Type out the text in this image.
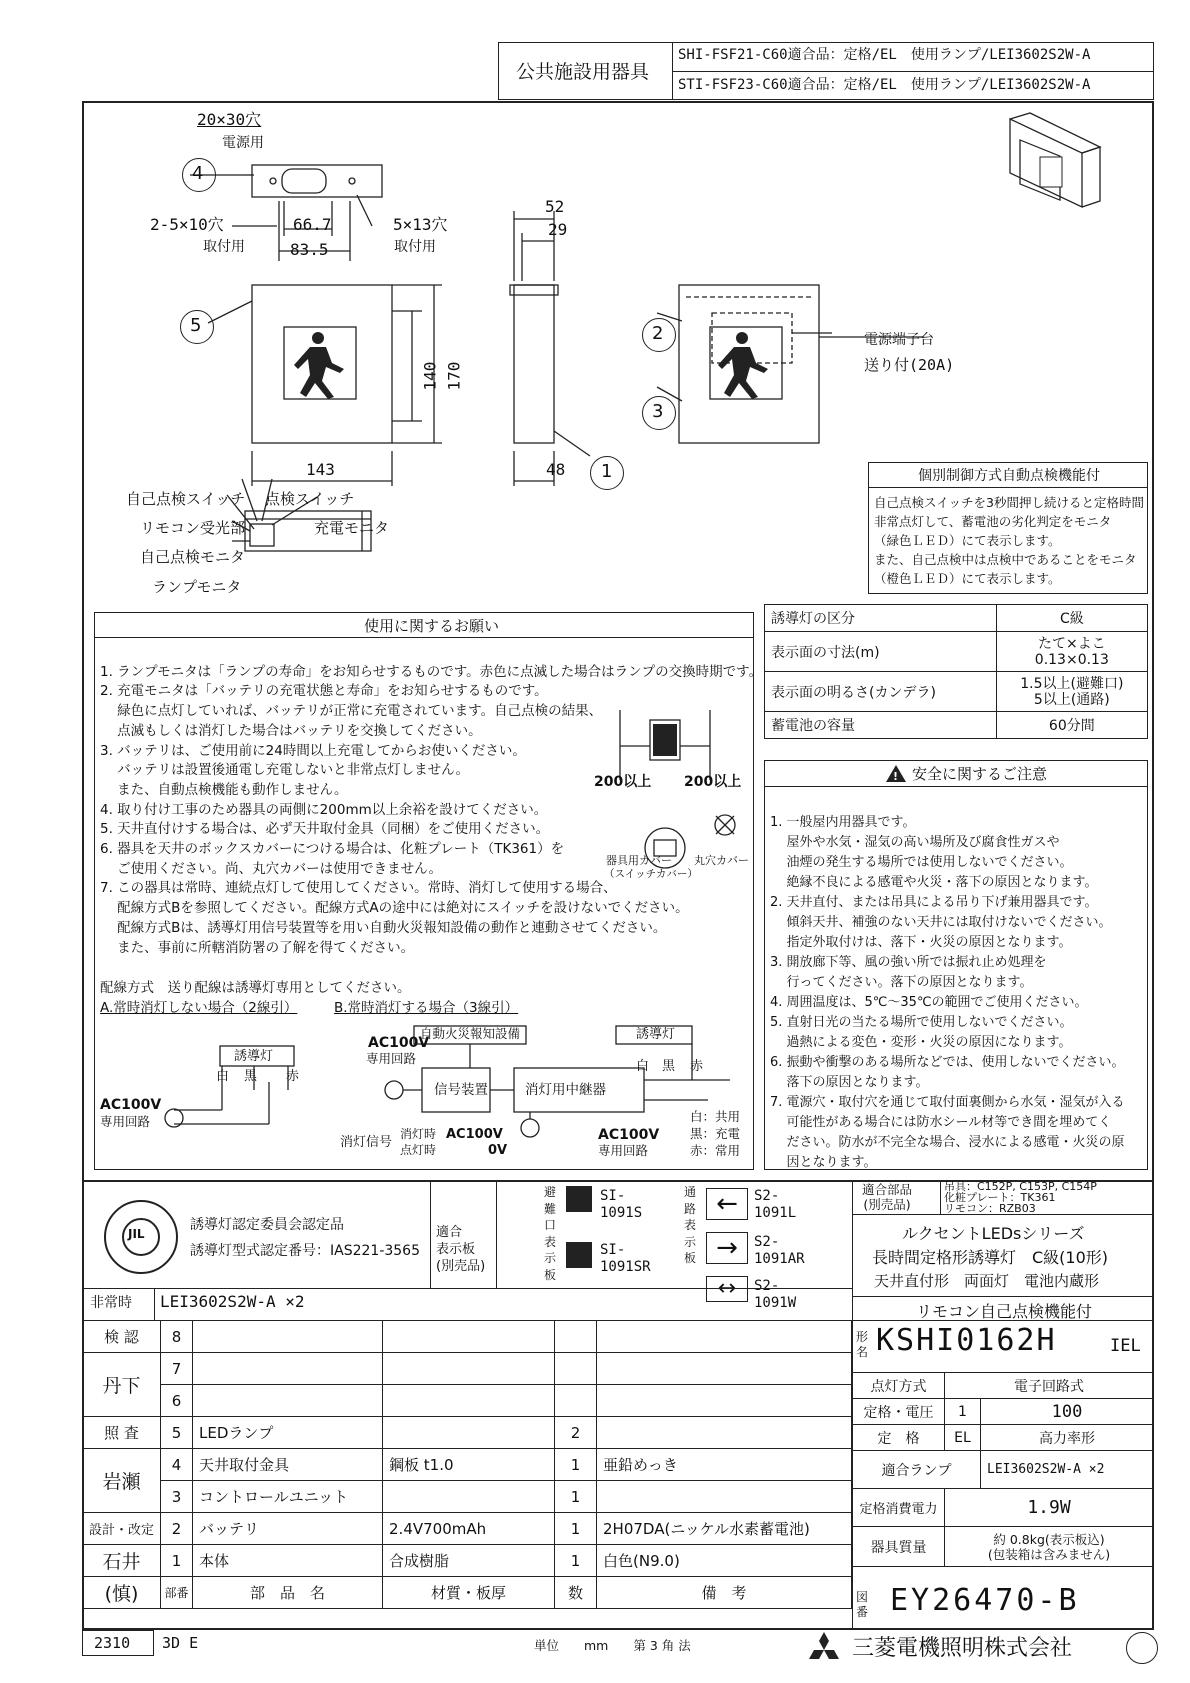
公共施設用器具
SHI-FSF21-C60適合品：定格/EL　使用ランプ/LEI3602S2W-A
STI-FSF23-C60適合品：定格/EL　使用ランプ/LEI3602S2W-A
4
5	2
3
1
20×30穴
電源用
2-5×10穴
取付用
66.7
83.5
5×13穴
取付用
52
29
140 170
143	48
電源端子台
送り付(20A)
自己点検スイッチ 点検スイッチ
リモコン受光部	充電モニタ
自己点検モニタ
ランプモニタ
個別制御方式自動点検機能付
自己点検スイッチを3秒間押し続けると定格時間
非常点灯して、蓄電池の劣化判定をモニタ
（緑色ＬＥＤ）にて表示します。
また、自己点検中は点検中であることをモニタ
（橙色ＬＥＤ）にて表示します。
使用に関するお願い

1. ランプモニタは「ランプの寿命」をお知らせするものです。赤色に点滅した場合はランプの交換時期です。
2. 充電モニタは「バッテリの充電状態と寿命」をお知らせするものです。
緑色に点灯していれば、バッテリが正常に充電されています。自己点検の結果、
点滅もしくは消灯した場合はバッテリを交換してください。
3. バッテリは、ご使用前に24時間以上充電してからお使いください。
バッテリは設置後通電し充電しないと非常点灯しません。
また、自動点検機能も動作しません。
4. 取り付け工事のため器具の両側に200mm以上余裕を設けてください。
5. 天井直付けする場合は、必ず天井取付金具（同梱）をご使用ください。
6. 器具を天井のボックスカバーにつける場合は、化粧プレート（TK361）を
ご使用ください。尚、丸穴カバーは使用できません。
7. この器具は常時、連続点灯して使用してください。常時、消灯して使用する場合、
配線方式Bを参照してください。配線方式Aの途中には絶対にスイッチを設けないでください。
配線方式Bは、誘導灯用信号装置等を用い自動火災報知設備の動作と連動させてください。
また、事前に所轄消防署の了解を得てください。

200以上 200以上
器具用カバー
（スイッチカバー）
丸穴カバー
配線方式　送り配線は誘導灯専用としてください。
A.常時消灯しない場合（2線引）	B.常時消灯する場合（3線引）
誘導灯
白 黒 赤
AC100V
専用回路
AC100V
専用回路
自動火災報知設備
信号装置	消灯用中継器
誘導灯
白 黒 赤
消灯信号
消灯時
点灯時
AC100V
0V
AC100V
専用回路
白：共用
黒：充電
赤：常用
誘導灯の区分	C級
表示面の寸法(m)	たて×よこ
0.13×0.13
表示面の明るさ(カンデラ)	1.5以上(避難口)
5以上(通路)
蓄電池の容量	60分間
! 安全に関するご注意

1. 一般屋内用器具です。
屋外や水気・湿気の高い場所及び腐食性ガスや
油煙の発生する場所では使用しないでください。
絶縁不良による感電や火災・落下の原因となります。
2. 天井直付、または吊具による吊り下げ兼用器具です。
傾斜天井、補強のない天井には取付けないでください。
指定外取付けは、落下・火災の原因となります。
3. 開放廊下等、風の強い所では振れ止め処理を
行ってください。落下の原因となります。
4. 周囲温度は、5℃～35℃の範囲でご使用ください。
5. 直射日光の当たる場所で使用しないでください。
過熱による変色・変形・火災の原因になります。
6. 振動や衝撃のある場所などでは、使用しないでください。
落下の原因となります。
7. 電源穴・取付穴を通じて取付面裏側から水気・湿気が入る
可能性がある場合には防水シール材等でき間を埋めてく
ださい。防水が不完全な場合、浸水による感電・火災の原
因となります。

JIL
誘導灯認定委員会認定品
誘導灯型式認定番号：IAS221-3565
適合
表示板
(別売品)
避
難
口
表
示
板
通
路
表
示
板
SI-
1091S
SI-
1091SR
←
→
↔
S2-
1091L
S2-
1091AR
S2-
1091W
適合部品
(別売品)
吊具：C152P, C153P, C154P
化粧プレート：TK361
リモコン：RZB03
ルクセントLEDsシリーズ
長時間定格形誘導灯　C級(10形)
天井直付形　両面灯　電池内蔵形
リモコン自己点検機能付
非常時 LEI3602S2W-A ×2
検 認	8				
丹下	7				
	6				
照 査	5	LEDランプ		2	
岩瀬	4	天井取付金具	鋼板 t1.0	1	亜鉛めっき
	3	コントロールユニット		1	
設計・改定	2	バッテリ	2.4V700mAh	1	2H07DA(ニッケル水素蓄電池)
石井	1	本体	合成樹脂	1	白色(N9.0)
(慎)	部番	部　品　名	材質・板厚	数	備　考
形
名 KSHI0162H	IEL
点灯方式	電子回路式	
定格・電圧	1	100
定　格	EL	高力率形
適合ランプ		LEI3602S2W-A ×2
定格消費電力	1.9W	
器具質量	約 0.8kg(表示板込)
(包装箱は含みません)	
図
番 EY26470-B
2310 3D E	単位　　mm　　第 3 角 法	三菱電機照明株式会社
